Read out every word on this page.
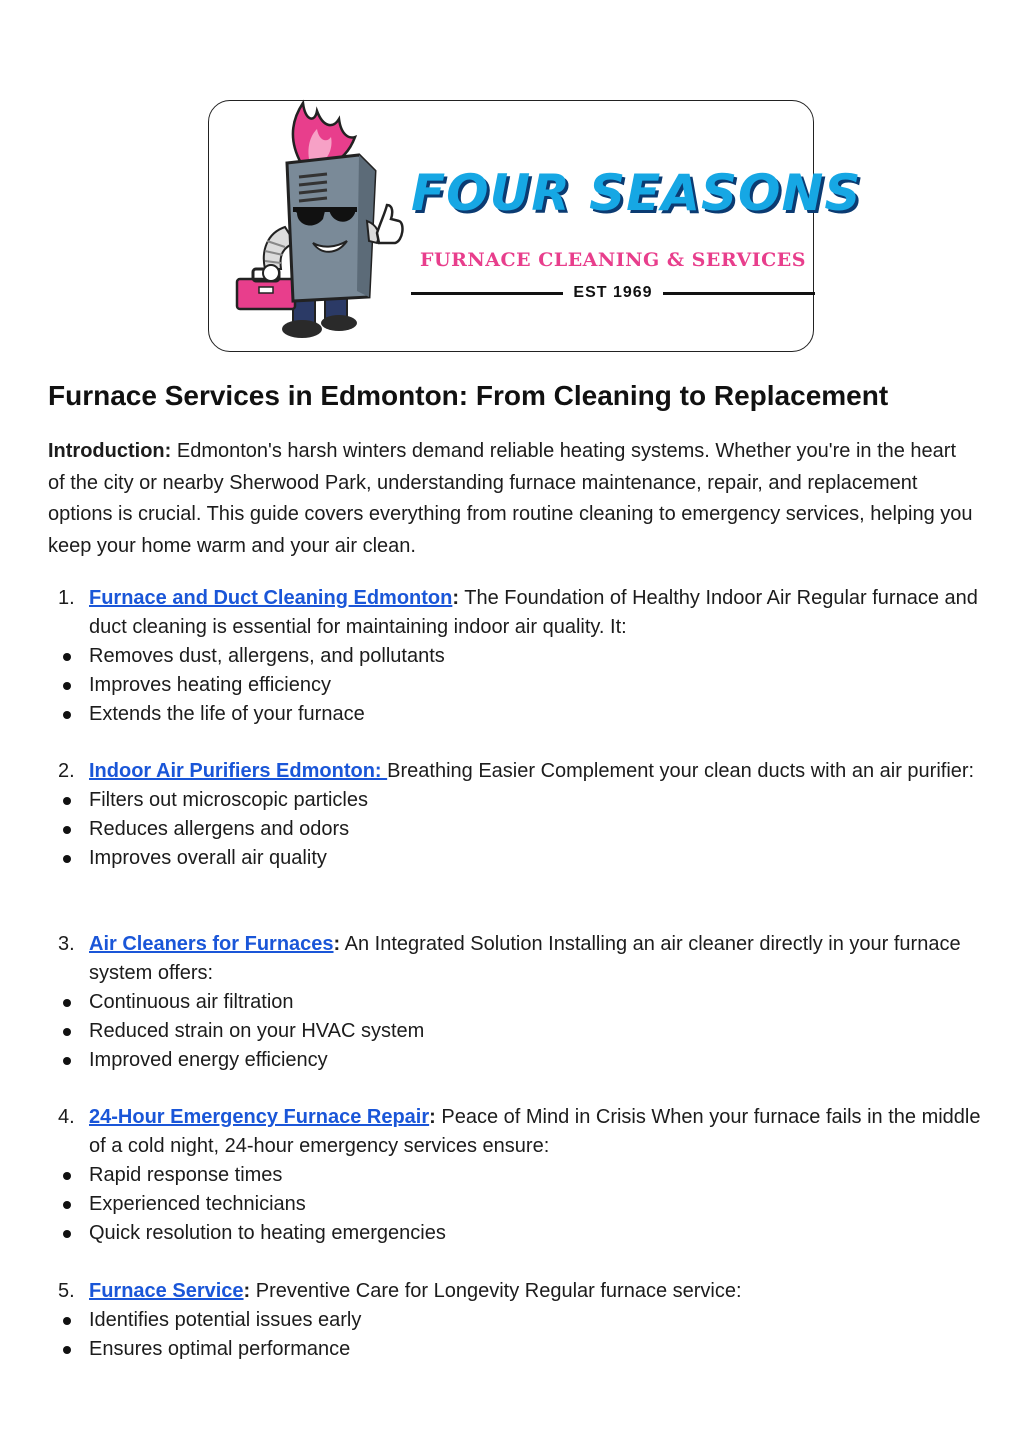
FOUR SEASONS
FURNACE CLEANING & SERVICES
EST 1969
Furnace Services in Edmonton: From Cleaning to Replacement

Introduction: Edmonton's harsh winters demand reliable heating systems. Whether you're in the heart of the city or nearby Sherwood Park, understanding furnace maintenance, repair, and replacement options is crucial. This guide covers everything from routine cleaning to emergency services, helping you keep your home warm and your air clean.

1. Furnace and Duct Cleaning Edmonton: The Foundation of Healthy Indoor Air Regular furnace and duct cleaning is essential for maintaining indoor air quality. It:
Removes dust, allergens, and pollutants
Improves heating efficiency
Extends the life of your furnace
2. Indoor Air Purifiers Edmonton: Breathing Easier Complement your clean ducts with an air purifier:
Filters out microscopic particles
Reduces allergens and odors
Improves overall air quality
3. Air Cleaners for Furnaces: An Integrated Solution Installing an air cleaner directly in your furnace system offers:
Continuous air filtration
Reduced strain on your HVAC system
Improved energy efficiency
4. 24-Hour Emergency Furnace Repair: Peace of Mind in Crisis When your furnace fails in the middle of a cold night, 24-hour emergency services ensure:
Rapid response times
Experienced technicians
Quick resolution to heating emergencies
5. Furnace Service: Preventive Care for Longevity Regular furnace service:
Identifies potential issues early
Ensures optimal performance
